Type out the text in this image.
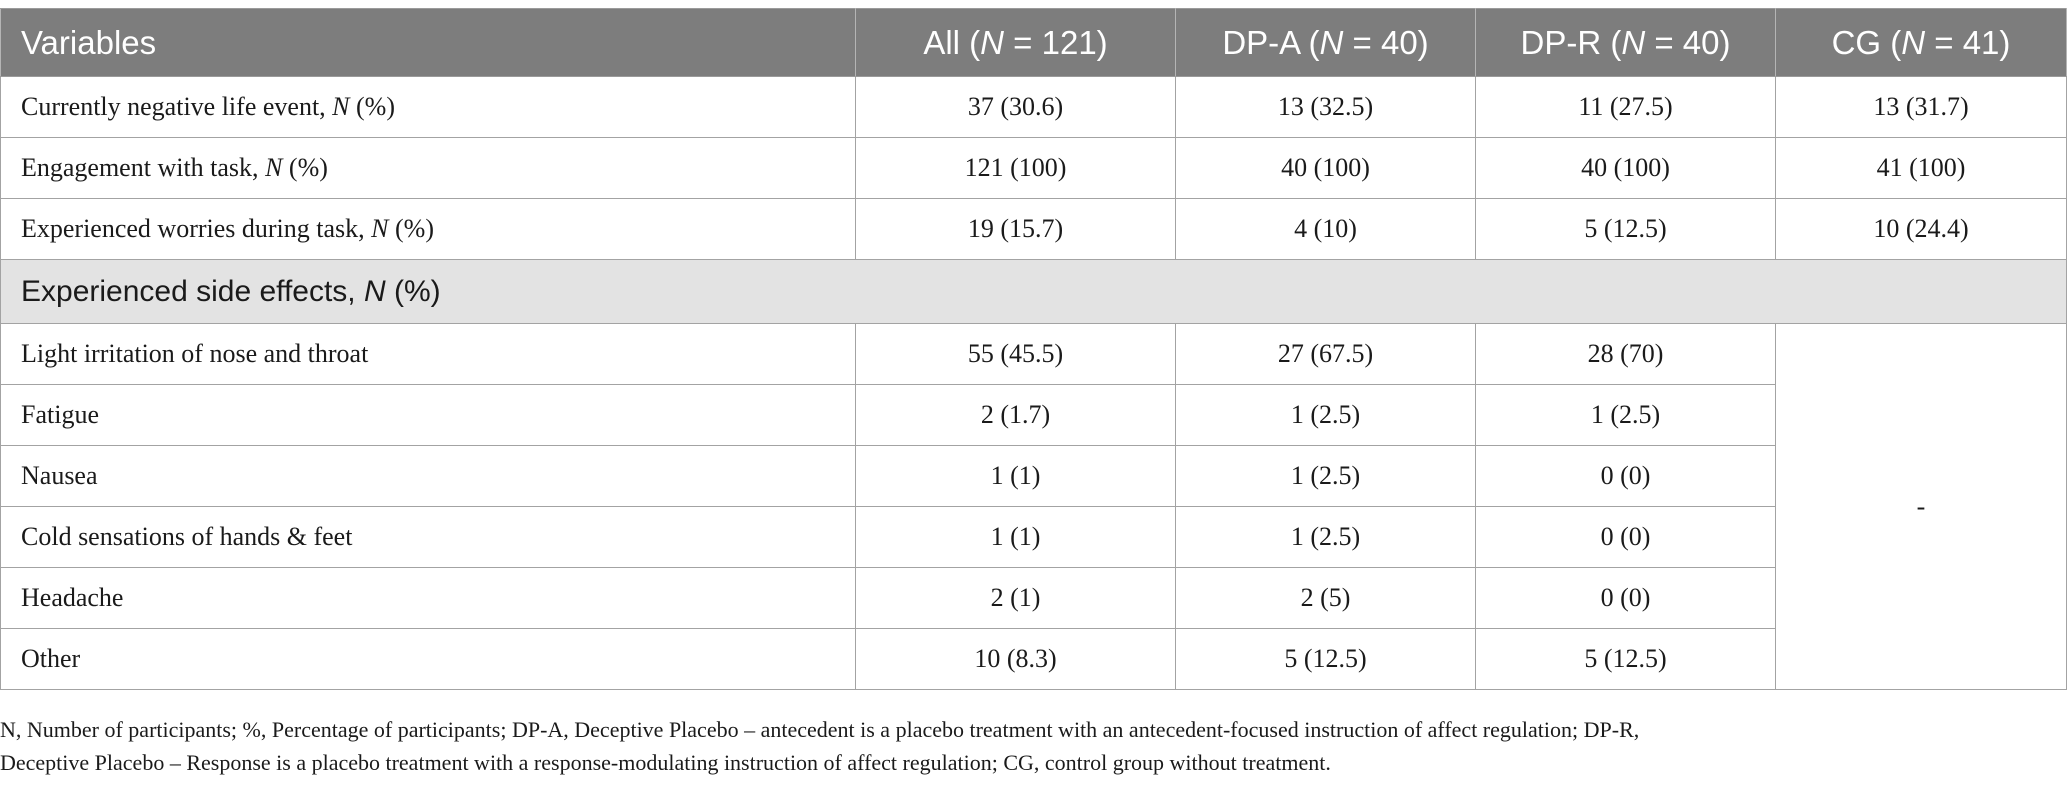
Variables	All (N = 121)	DP-A (N = 40)	DP-R (N = 40)	CG (N = 41)
Currently negative life event, N (%)	37 (30.6)	13 (32.5)	11 (27.5)	13 (31.7)
Engagement with task, N (%)	121 (100)	40 (100)	40 (100)	41 (100)
Experienced worries during task, N (%)	19 (15.7)	4 (10)	5 (12.5)	10 (24.4)
Experienced side effects, N (%)				
Light irritation of nose and throat	55 (45.5)	27 (67.5)	28 (70)	-
Fatigue	2 (1.7)	1 (2.5)	1 (2.5)	
Nausea	1 (1)	1 (2.5)	0 (0)	
Cold sensations of hands & feet	1 (1)	1 (2.5)	0 (0)	
Headache	2 (1)	2 (5)	0 (0)	
Other	10 (8.3)	5 (12.5)	5 (12.5)	
N, Number of participants; %, Percentage of participants; DP-A, Deceptive Placebo – antecedent is a placebo treatment with an antecedent-focused instruction of affect regulation; DP-R,
Deceptive Placebo – Response is a placebo treatment with a response-modulating instruction of affect regulation; CG, control group without treatment.
